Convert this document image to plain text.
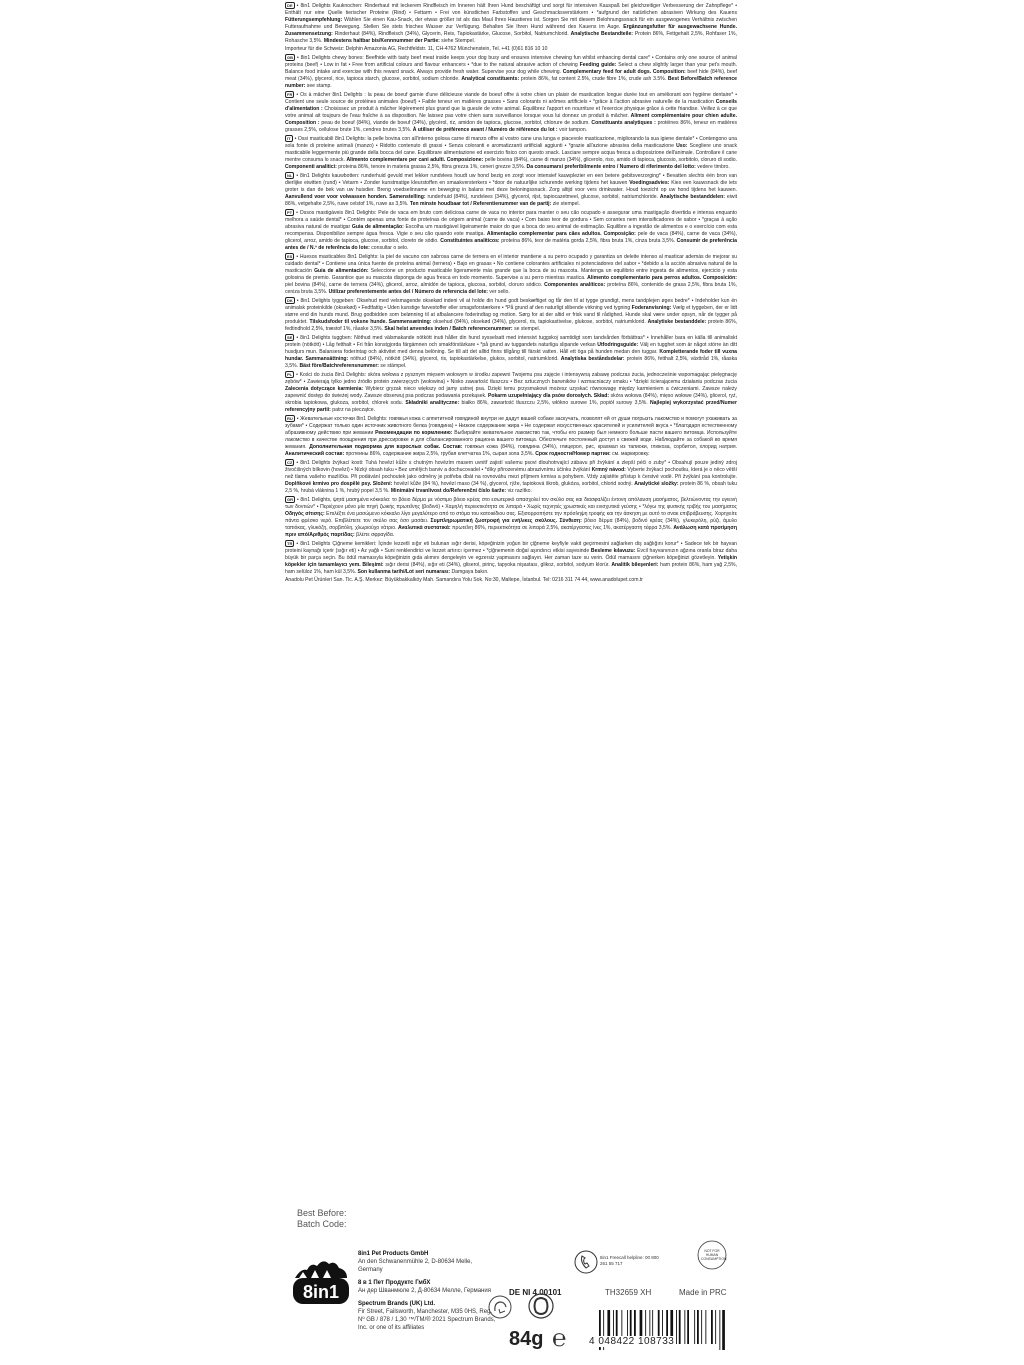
DE • 8in1 Delights Kauknochen: Rinderhaut mit leckerem Rindfleisch im Inneren hält Ihren Hund beschäftigt und sorgt für intensiven Kauspaß bei gleichzeitiger Verbesserung der Zahnpflege* • Enthält nur eine Quelle tierischer Proteine (Rind) • Fettarm • Frei von künstlichen Farbstoffen und Geschmacksverstärkern • *aufgrund der natürlichen abrasiven Wirkung des Kauens Fütterungsempfehlung: Wählen Sie einen Kau-Snack, der etwas größer ist als das Maul Ihres Haustieres ist. Sorgen Sie mit diesem Belohnungssnack für ein ausgewogenes Verhältnis zwischen Futteraufnahme und Bewegung. Stellen Sie stets frisches Wasser zur Verfügung. Behalten Sie Ihren Hund während des Kauens im Auge. Ergänzungsfutter für ausgewachsene Hunde. Zusammensetzung: Rinderhaut (84%), Rindfleisch (34%), Glycerin, Reis, Tapiokastärke, Glucose, Sorbitol, Natriumchlorid. Analytische Bestandteile: Protein 86%, Fettgehalt 2,5%, Rohfaser 1%, Rohasche 3,5%. Mindestens haltbar bis/Kennnummer der Partie: siehe Stempel.
Importeur für die Schweiz: Delphin Amazonia AG, Rechtfeldstr. 11, CH-4762 Münchenstein, Tel. +41 (0)61 816 10 10
GB • 8in1 Delights chewy bones: Beefhide with tasty beef meat inside keeps your dog busy and ensures intensive chewing fun whilst enhancing dental care* • Contains only one source of animal proteins (beef) • Low in fat • Free from artificial colours and flavour enhancers • *due to the natural abrasive action of chewing Feeding guide: Select a chew slightly larger than your pet's mouth. Balance food intake and exercise with this reward snack. Always provide fresh water. Supervise your dog while chewing. Complementary feed for adult dogs. Composition: beef hide (84%), beef meat (34%), glycerol, rice, tapioca starch, glucose, sorbitol, sodium chloride. Analytical constituents: protein 86%, fat content 2.5%, crude fibre 1%, crude ash 3.5%. Best Before/Batch reference number: see stamp.
FR • Os à mâcher 8in1 Delights : la peau de boeuf garnie d'une délicieuse viande de boeuf offre à votre chien un plaisir de mastication longue durée tout en améliorant son hygiène dentaire* • Contient une seule source de protéines animales (boeuf) • Faible teneur en matières grasses • Sans colorants ni arômes artificiels • *grâce à l'action abrasive naturelle de la mastication Conseils d'alimentation : Choisissez un produit à mâcher légèrement plus grand que la gueule de votre animal. Équilibrez l'apport en nourriture et l'exercice physique grâce à cette friandise. Veillez à ce que votre animal ait toujours de l'eau fraîche à sa disposition. Ne laissez pas votre chien sans surveillance lorsque vous lui donnez un produit à mâcher. Aliment complémentaire pour chien adulte. Composition : peau de boeuf (84%), viande de boeuf (34%), glycérol, riz, amidon de tapioca, glucose, sorbitol, chlorure de sodium. Constituants analytiques : protéines 86%, teneur en matières grasses 2,5%, cellulose brute 1%, cendres brutes 3,5%. À utiliser de préférence avant / Numéro de référence du lot : voir tampon.
IT • Ossi masticabili 8in1 Delights: la pelle bovina con all'interno golosa carne di manzo offre al vostro cane una lunga e piacevole masticazione, migliorando la sua igiene dentale* • Contengono una sola fonte di proteine animali (manzo) • Ridotto contenuto di grassi • Senza coloranti e aromatizzanti artificiali aggiunti • *grazie all'azione abrasiva della masticazione Uso: Scegliere uno snack masticabile leggermente più grande della bocca del cane. Equilibrare alimentazione ed esercizio fisico con questo snack. Lasciare sempre acqua fresca a disposizione dell'animale. Controllare il cane mentre consuma lo snack. Alimento complementare per cani adulti. Composizione: pelle bovina (84%), carne di manzo (34%), glicerolo, riso, amido di tapioca, glucosio, sorbitolo, cloruro di sodio. Componenti analitici: proteina 86%, tenore in materia grassa 2,5%, fibra grezza 1%, ceneri grezze 3,5%. Da consumarsi preferibilmente entro / Numero di riferimento del lotto: vedere timbro.
NL • 8in1 Delights kauwbotten: runderhuid gevuld met lekker rundvlees houdt uw hond bezig en zorgt voor intensief kauwplezier en een betere gebitsverzorging* • Bevatten slechts één bron van dierlijke eiwitten (rund) • Vetarm • Zonder kunstmatige kleurstoffen en smaakversterkers • *door de natuurlijke schurende werking tijdens het kauwen Voedingsadvies: Kies een kauwsnack die iets groter is dan de bek van uw huisdier. Breng voedselinname en beweging in balans met deze beloningssnack. Zorg altijd voor vers drinkwater. Houd toezicht op uw hond tijdens het kauwen. Aanvullend voer voor volwassen honden. Samenstelling: runderhuid (84%), rundvlees (34%), glycerol, rijst, tapiocazetmeel, glucose, sorbitol, natriumchloride. Analytische bestanddelen: eiwit 86%, vetgehalte 2,5%, ruwe celstof 1%, ruwe as 3,5%. Ten minste houdbaar tot / Referentienummer van de partij: zie stempel.
PT • Ossos mastigáveis 8in1 Delights: Pele de vaca em bruto com deliciosa carne de vaca no interior para manter o seu cão ocupado e assegurar uma mastigação divertida e intensa enquanto melhora a saúde dental* • Contém apenas uma fonte de proteínas de origem animal (carne de vaca) • Com baixo teor de gordura • Sem corantes nem intensificadores de sabor • *graças à ação abrasiva natural de mastigar Guia de alimentação: Escolha um mastigável ligeiramente maior do que a boca do seu animal de estimação. Equilibre a ingestão de alimentos e o exercício com esta recompensa. Disponibilize sempre água fresca. Vigie o seu cão quando este mastiga. Alimentação complementar para cães adultos. Composição: pele de vaca (84%), carne de vaca (34%), glicerol, arroz, amido de tapioca, glucose, sorbitol, cloreto de sódio. Constituintes analíticos: proteína 86%, teor de matéria gorda 2,5%, fibra bruta 1%, cinza bruta 3,5%. Consumir de preferência antes de / N.º de referência do lote: consultar o selo.
ES • Huesos masticables 8in1 Delights: la piel de vacuno con sabrosa carne de ternera en el interior mantiene a su perro ocupado y garantiza un deleite intenso al masticar además de mejorar su cuidado dental* • Contiene una única fuente de proteína animal (ternera) • Bajo en grasas • No contiene colorantes artificiales ni potenciadores del sabor • *debido a la acción abrasiva natural de la masticación Guía de alimentación: Seleccione un producto masticable ligeramente más grande que la boca de su mascota. Mantenga un equilibrio entre ingesta de alimentos, ejercicio y esta golosina de premio. Garantice que su mascota disponga de agua fresca en todo momento. Supervise a su perro mientras mastica. Alimento complementario para perros adultos. Composición: piel bovina (84%), carne de ternera (34%), glicerol, arroz, almidón de tapioca, glucosa, sorbitol, cloruro sódico. Componentes analíticos: proteína 86%, contenido de grasa 2,5%, fibra bruta 1%, ceniza bruta 3,5%. Utilizar preferentemente antes del / Número de referencia del lote: ver sello.
DK • 8in1 Delights tyggeben: Oksehud med velsmagende oksekød indeni vil at holde din hund godt beskæftiget og får den til at tygge grundigt, mens tandplejen øges bedre* • Indeholder kun én animalsk proteinkilde (oksekød) • Fedtfattig • Uden kunstige farvestoffer eller smagsforstærkere • *På grund af den naturligt slibende virkning ved tygning Foderanvisning: Vælg et tyggeben, der er lidt større end din hunds mund. Brug godbidden som belønning til at afbalancere foderindtag og motion. Sørg for at der altid er frisk vand til rådighed. Hunde skal være under opsyn, når de tygger på produktet. Tilskudsfoder til voksne hunde. Sammensætning: oksehud (84%), oksekød (34%), glycerol, ris, tapiokastivelse, glukose, sorbitol, natriumklorid. Analytiske bestanddele: protein 86%, fedtindhold 2,5%, træstof 1%, råaske 3,5%. Skal helst anvendes inden / Batch referencenummer: se stempel.
SE • 8in1 Delights tuggben: Nöthud med välsmakande nötkött inuti håller din hund sysselsatt med intensivt tuggskoj samtidigt som tandvården förbättras* • Innehåller bara en källa till animaliskt protein (nötkött) • Låg fetthalt • Fri från konstgjorda färgämnen och smakförstärkare • *på grund av tuggandets naturliga slipande verkan Utfodringsguide: Välj en tugghet som är något större än ditt husdjurs mun. Balansera foderintag och aktivitet med denna belöning. Se till att det alltid finns tillgång till färskt vatten. Håll ett öga på hunden medan den tuggar. Kompletterande foder till vuxna hundar. Sammansättning: nöthud (84%), nötkött (34%), glycerol, ris, tapiokastärkelse, glukos, sorbitol, natriumklorid. Analytiska beståndsdelar: protein 86%, fetthalt 2,5%, växttråd 1%, råaska 3,5%. Bäst före/Batchreferensnummer: se stämpel.
PL • Kości do żucia 8in1 Delights: skóra wołowa z pysznym mięsem wołowym w środku zapewni Twojemu psu zajęcie i intensywną zabawę podczas żucia, jednocześnie wspomagając pielęgnację zębów* • Zawierają tylko jedno źródło protein zwierzęcych (wołowina) • Nisko zawartość tłuszczu • Bez sztucznych barwników i wzmacniaczy smaku • *dzięki ścierającemu działaniu podczas żucia Zalecenia dotyczące karmienia: Wybierz gryzak nieco większy od jamy ustnej psa. Dzięki temu przysmakowi możesz uzyskać równowagę między karmieniem a ćwiczeniami. Zawsze należy zapewnić dostęp do świeżej wody. Zawsze obserwuj psa podczas podawania przekąsek. Pokarm uzupełniający dla psów dorosłych. Skład: skóra wołowa (84%), mięso wołowe (34%), glicerol, ryż, skrobia tapiokowa, glukoza, sorbitol, chlorek sodu. Składniki analityczne: białko 86%, zawartość tłuszczu 2,5%, włókno surowe 1%, popiół surowy 3,5%. Najlepiej wykorzystać przed/Numer referencyjny partii: patrz na pieczątce.
RU • Жевательные косточки 8in1 Delights: говяжья кожа с аппетитной говядиной внутри не дадут вашей собаке заскучать, позволят ей от души погрызть лакомство и помогут ухаживать за зубами* • Содержат только один источник животного белка (говядина) • Низкое содержание жира • Не содержат искусственных красителей и усилителей вкуса • *благодаря естественному абразивному действию при жевании Рекомендации по кормлению: Выбирайте жевательное лакомство так, чтобы его размер был немного больше пасти вашего питомца. Используйте лакомство в качестве поощрения при дрессировке и для сбалансированного рациона вашего питомца. Обеспечьте постоянный доступ к свежей воде. Наблюдайте за собакой во время жевания. Дополнительная подкормка для взрослых собак. Состав: говяжья кожа (84%), говядина (34%), глицерол, рис, крахмал из тапиоки, глюкоза, сорбитол, хлорид натрия. Аналитический состав: протеины 86%, содержание жира 2,5%, грубая клетчатка 1%, сырая зола 3,5%. Срок годности/Номер партии: см. маркировку.
CZ • 8in1 Delights žvýkací kosti: Tuhá hovězí kůže s chutným hovězím masem uvnitř zajistí vašemu psovi dlouhotrvající zábavu při žvýkání a zlepší péči o zuby* • Obsahují pouze jediný zdroj živočišných bílkovin (hovězí) • Nízký obsah tuku • Bez umělých barviv a dochucovadel • *díky přirozenému abrazivnímu účinku žvýkání Krmný návod: Vyberte žvýkací pochoutku, která je o něco větší než tlama vašeho mazlíčka. Při podávání pochoutek jako odměny je potřeba dbát na rovnováhu mezi příjmem krmiva a pohybem. Vždy zajistěte přístup k čerstvé vodě. Při žvýkání psa kontrolujte. Doplňkové krmivo pro dospělé psy. Složení: hovězí kůže (84 %), hovězí maso (34 %), glycerol, rýže, tapioková škrob, glukóza, sorbitol, chlorid sodný. Analytické složky: protein 86 %, obsah tuku 2,5 %, hrubá vláknina 1 %, hrubý popel 3,5 %. Minimální trvanlivost do/Referenční číslo šarže: viz razítko.
GR • 8in1 Delights, ψητά μασημένα κόκκαλα: το βόειο δέρμα με νόστιμο βόειο κρέας στο εσωτερικό απασχολεί τον σκύλο σας και διασφαλίζει έντονη απόλαυση μασήματος, βελτιώνοντας την υγιεινή των δοντιών* • Περιέχουν μόνο μία πηγή ζωικής πρωτεΐνης (βοδινό) • Χαμηλή περιεκτικότητα σε λιπαρά • Χωρίς τεχνητές χρωστικές και ενισχυτικά γεύσης • *λόγω της φυσικής τριβής του μασήματος Οδηγός σίτισης: Επιλέξτε ένα μασώμενο κόκκαλο λίγο μεγαλύτερο από το στόμα του κατοικίδιου σας. Εξισορροπήστε την πρόσληψη τροφής και την άσκηση με αυτό το σνακ επιβράβευσης. Χορηγείτε πάντα φρέσκο νερό. Επιβλέπετε τον σκύλο σας όσο μασάει. Συμπληρωματική ζωοτροφή για ενήλικες σκύλους. Σύνθεση: βόειο δέρμα (84%), βοδινό κρέας (34%), γλυκερόλη, ρύζι, άμυλο ταπιόκας, γλυκόζη, σορβιτόλη, χλωριούχο νάτριο. Αναλυτικά συστατικά: πρωτεΐνη 86%, περιεκτικότητα σε λιπαρά 2,5%, ακατέργαστες ίνες 1%, ακατέργαστη τέφρα 3,5%. Ανάλωση κατά προτίμηση πριν από/Αριθμός παρτίδας: βλέπε σφραγίδα.
TR • 8in1 Delights Çiğneme kemikleri: İçinde lezzetli sığır eti bulunan sığır derisi, köpeğinizin yoğun bir çiğneme keyfiyle vakit geçirmesini sağlarken diş sağlığını korur* • Sadece tek bir hayvan proteini kaynağı içerir (sığır eti) • Az yağlı • Suni renklendirici ve lezzet artırıcı içermez • *çiğnemenin doğal aşındırıcı etkisi sayesinde Besleme kılavuzu: Evcil hayvanınızın ağzına oranla biraz daha büyük bir parça seçin. Bu ödül mamasıyla köpeğinizin gıda alımını dengeleyin ve egzersiz yapmasını sağlayın. Her zaman taze su verin. Ödül mamasını çiğnerken köpeğinizi gözetleyin. Yetişkin köpekler için tamamlayıcı yem. Bileşimi: sığır derisi (84%), sığır eti (34%), gliserol, pirinç, tapyoka nişastası, glikoz, sorbitol, sodyum klorür. Analitik bileşenleri: ham protein 86%, ham yağ 2,5%, ham selüloz 1%, ham kül 3,5%. Son kullanma tarihi/Lot seri numarası: Damgaya bakın.
Anadolu Pet Ürünleri San. Tic. A.Ş. Merkez: Büyükbakkalköy Mah. Samandıra Yolu Sok. No:30, Maltepe, İstanbul. Tel: 0216 311 74 44, www.anadolupet.com.tr
Best Before:
Batch Code:
8in1
8in1 Pet Products GmbH
An den Schwanenmühle 2, D-80634 Melle, Germany
8 в 1 Пет Продуктс ГмбХ
Ан дер Шванмюле 2, Д-80634 Мелле, Германия
Spectrum Brands (UK) Ltd.
Fir Street, Failsworth, Manchester, M35 0HS, Reg. Nº GB / 878 / 1,30 ™/TM/® 2021 Spectrum Brands, Inc. or one of its affiliates
8in1 Freecall helpline: 00 800 261 55 717
NOT FOR HUMAN CONSUMPTION
DE NI 4 00101	TH32659 XH	Made in PRC
84g ℮ 4 048422 108733
